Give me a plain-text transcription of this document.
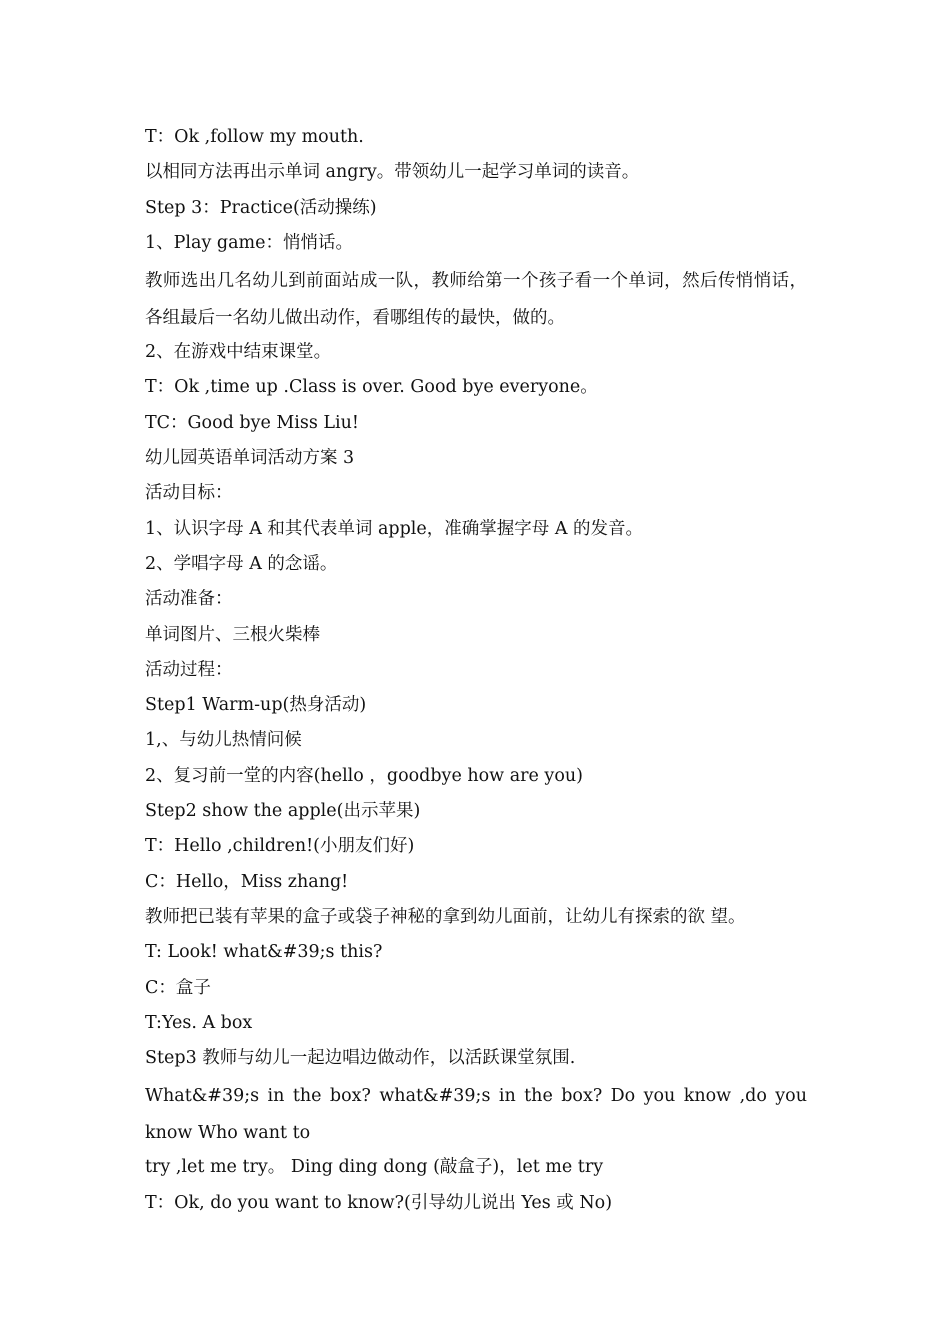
T：Ok ,follow my mouth.

以相同方法再出示单词 angry。带领幼儿一起学习单词的读音。

Step 3：Practice(活动操练)

1、Play game：悄悄话。

教师选出几名幼儿到前面站成一队，教师给第一个孩子看一个单词，然后传悄悄话，各组最后一名幼儿做出动作，看哪组传的最快，做的。

2、在游戏中结束课堂。

T：Ok ,time up .Class is over. Good bye everyone。

TC：Good bye Miss Liu!

幼儿园英语单词活动方案 3

活动目标：

1、认识字母 A 和其代表单词 apple，准确掌握字母 A 的发音。

2、学唱字母 A 的念谣。

活动准备：

单词图片、三根火柴棒

活动过程：

Step1 Warm-up(热身活动)

1,、与幼儿热情问候

2、复习前一堂的内容(hello ，goodbye how are you)

Step2 show the apple(出示苹果)

T：Hello ,children!(小朋友们好)

C：Hello，Miss zhang!

教师把已装有苹果的盒子或袋子神秘的拿到幼儿面前，让幼儿有探索的欲 望。

T: Look! what&#39;s this?

C：盒子

T:Yes. A box

Step3 教师与幼儿一起边唱边做动作，以活跃课堂氛围.

What&#39;s in the box? what&#39;s in the box? Do you know ,do you know Who want to

try ,let me try。 Ding ding dong (敲盒子)，let me try

T：Ok, do you want to know?(引导幼儿说出 Yes 或 No)
